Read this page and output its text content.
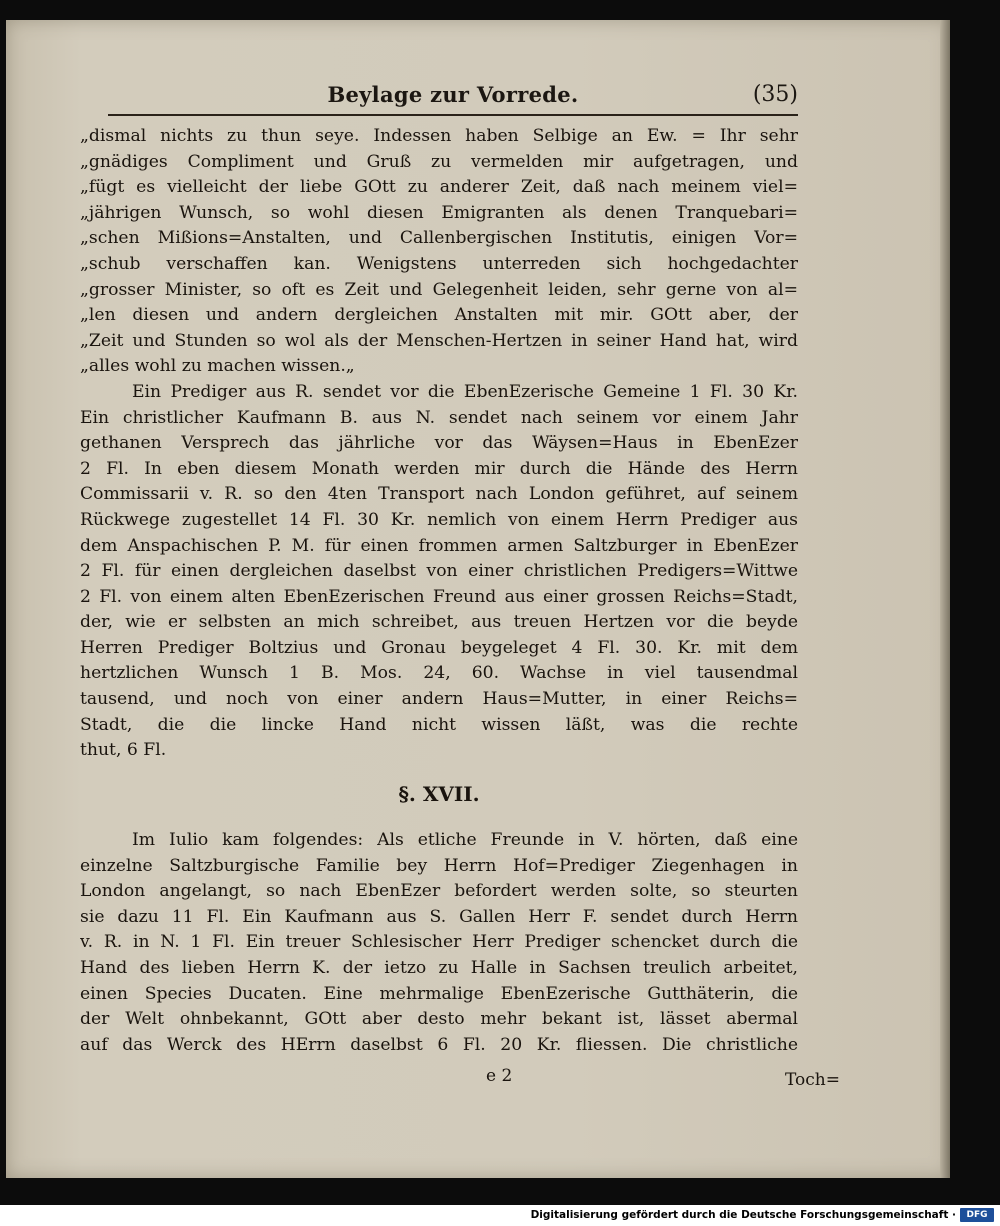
Beylage zur Vorrede.	(35)
„dismal nichts zu thun seye. Indessen haben Selbige an Ew. = Ihr sehr
„gnädiges Compliment und Gruß zu vermelden mir aufgetragen, und
„fügt es vielleicht der liebe GOtt zu anderer Zeit, daß nach meinem viel=
„jährigen Wunsch, so wohl diesen Emigranten als denen Tranquebari=
„schen Mißions=Anstalten, und Callenbergischen Institutis, einigen Vor=
„schub verschaffen kan. Wenigstens unterreden sich hochgedachter
„grosser Minister, so oft es Zeit und Gelegenheit leiden, sehr gerne von al=
„len diesen und andern dergleichen Anstalten mit mir. GOtt aber, der
„Zeit und Stunden so wol als der Menschen-Hertzen in seiner Hand hat, wird
„alles wohl zu machen wissen.„
Ein Prediger aus R. sendet vor die EbenEzerische Gemeine 1 Fl. 30 Kr.
Ein christlicher Kaufmann B. aus N. sendet nach seinem vor einem Jahr
gethanen Versprech das jährliche vor das Wäysen=Haus in EbenEzer
2 Fl. In eben diesem Monath werden mir durch die Hände des Herrn
Commissarii v. R. so den 4ten Transport nach London geführet, auf seinem
Rückwege zugestellet 14 Fl. 30 Kr. nemlich von einem Herrn Prediger aus
dem Anspachischen P. M. für einen frommen armen Saltzburger in EbenEzer
2 Fl. für einen dergleichen daselbst von einer christlichen Predigers=Wittwe
2 Fl. von einem alten EbenEzerischen Freund aus einer grossen Reichs=Stadt,
der, wie er selbsten an mich schreibet, aus treuen Hertzen vor die beyde
Herren Prediger Boltzius und Gronau beygeleget 4 Fl. 30. Kr. mit dem
hertzlichen Wunsch 1 B. Mos. 24, 60. Wachse in viel tausendmal
tausend, und noch von einer andern Haus=Mutter, in einer Reichs=
Stadt, die die lincke Hand nicht wissen läßt, was die rechte
thut, 6 Fl.
§. XVII.
Im Iulio kam folgendes: Als etliche Freunde in V. hörten, daß eine
einzelne Saltzburgische Familie bey Herrn Hof=Prediger Ziegenhagen in
London angelangt, so nach EbenEzer befordert werden solte, so steurten
sie dazu 11 Fl. Ein Kaufmann aus S. Gallen Herr F. sendet durch Herrn
v. R. in N. 1 Fl. Ein treuer Schlesischer Herr Prediger schencket durch die
Hand des lieben Herrn K. der ietzo zu Halle in Sachsen treulich arbeitet,
einen Species Ducaten. Eine mehrmalige EbenEzerische Gutthäterin, die
der Welt ohnbekannt, GOtt aber desto mehr bekant ist, lässet abermal
auf das Werck des HErrn daselbst 6 Fl. 20 Kr. fliessen. Die christliche
e 2	Toch=
Digitalisierung gefördert durch die Deutsche Forschungsgemeinschaft ·	DFG
